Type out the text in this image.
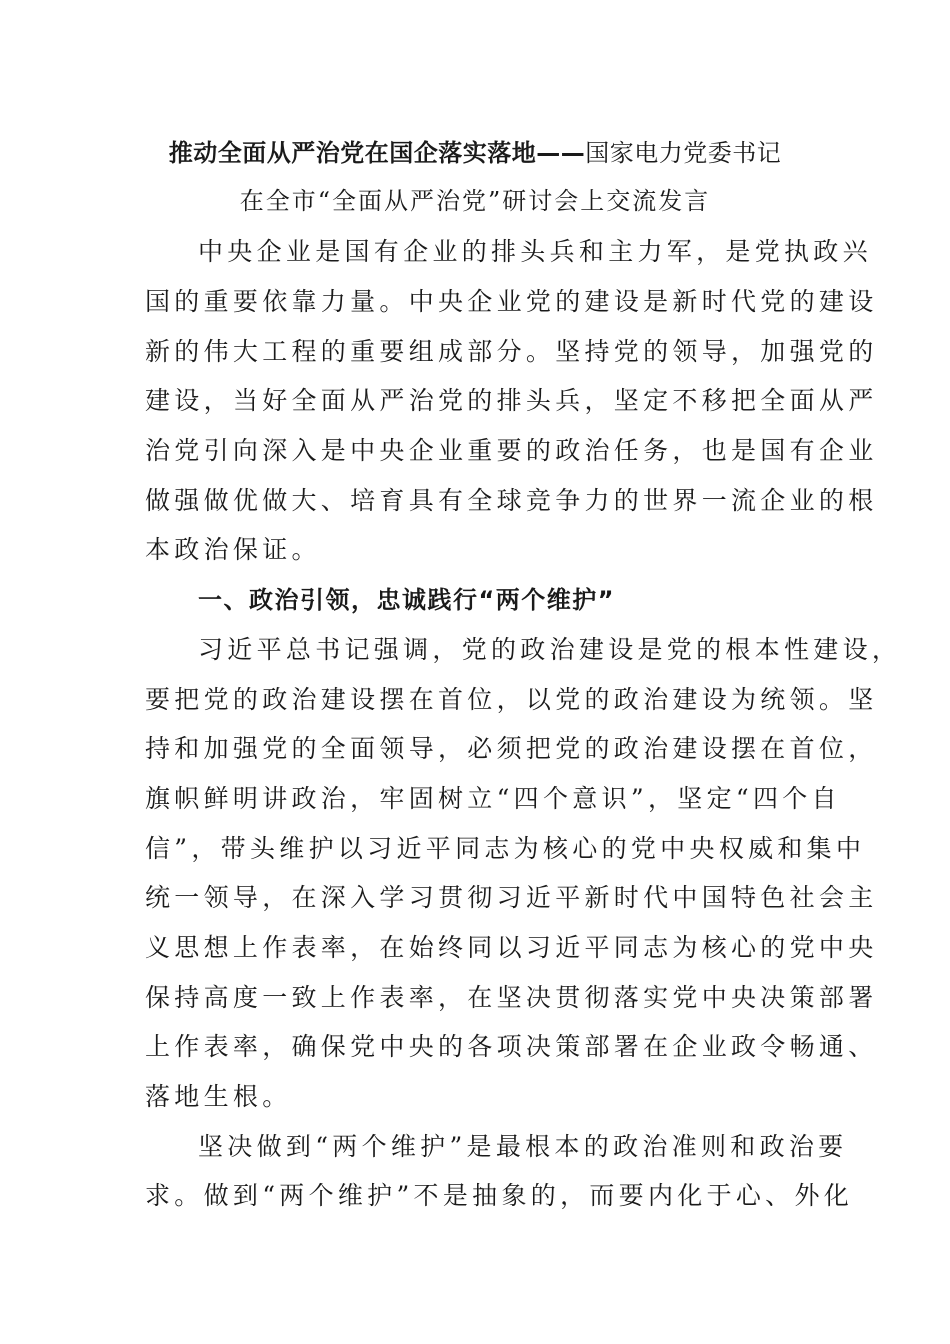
推动全面从严治党在国企落实落地——国家电力党委书记
在全市“全面从严治党”研讨会上交流发言
中央企业是国有企业的排头兵和主力军，是党执政兴
国的重要依靠力量。中央企业党的建设是新时代党的建设
新的伟大工程的重要组成部分。坚持党的领导，加强党的
建设，当好全面从严治党的排头兵，坚定不移把全面从严
治党引向深入是中央企业重要的政治任务，也是国有企业
做强做优做大、培育具有全球竞争力的世界一流企业的根
本政治保证。
一、政治引领，忠诚践行“两个维护”
习近平总书记强调，党的政治建设是党的根本性建设，
要把党的政治建设摆在首位，以党的政治建设为统领。坚
持和加强党的全面领导，必须把党的政治建设摆在首位，
旗帜鲜明讲政治，牢固树立“四个意识”，坚定“四个自
信”，带头维护以习近平同志为核心的党中央权威和集中
统一领导，在深入学习贯彻习近平新时代中国特色社会主
义思想上作表率，在始终同以习近平同志为核心的党中央
保持高度一致上作表率，在坚决贯彻落实党中央决策部署
上作表率，确保党中央的各项决策部署在企业政令畅通、
落地生根。
坚决做到“两个维护”是最根本的政治准则和政治要
求。做到“两个维护”不是抽象的，而要内化于心、外化
